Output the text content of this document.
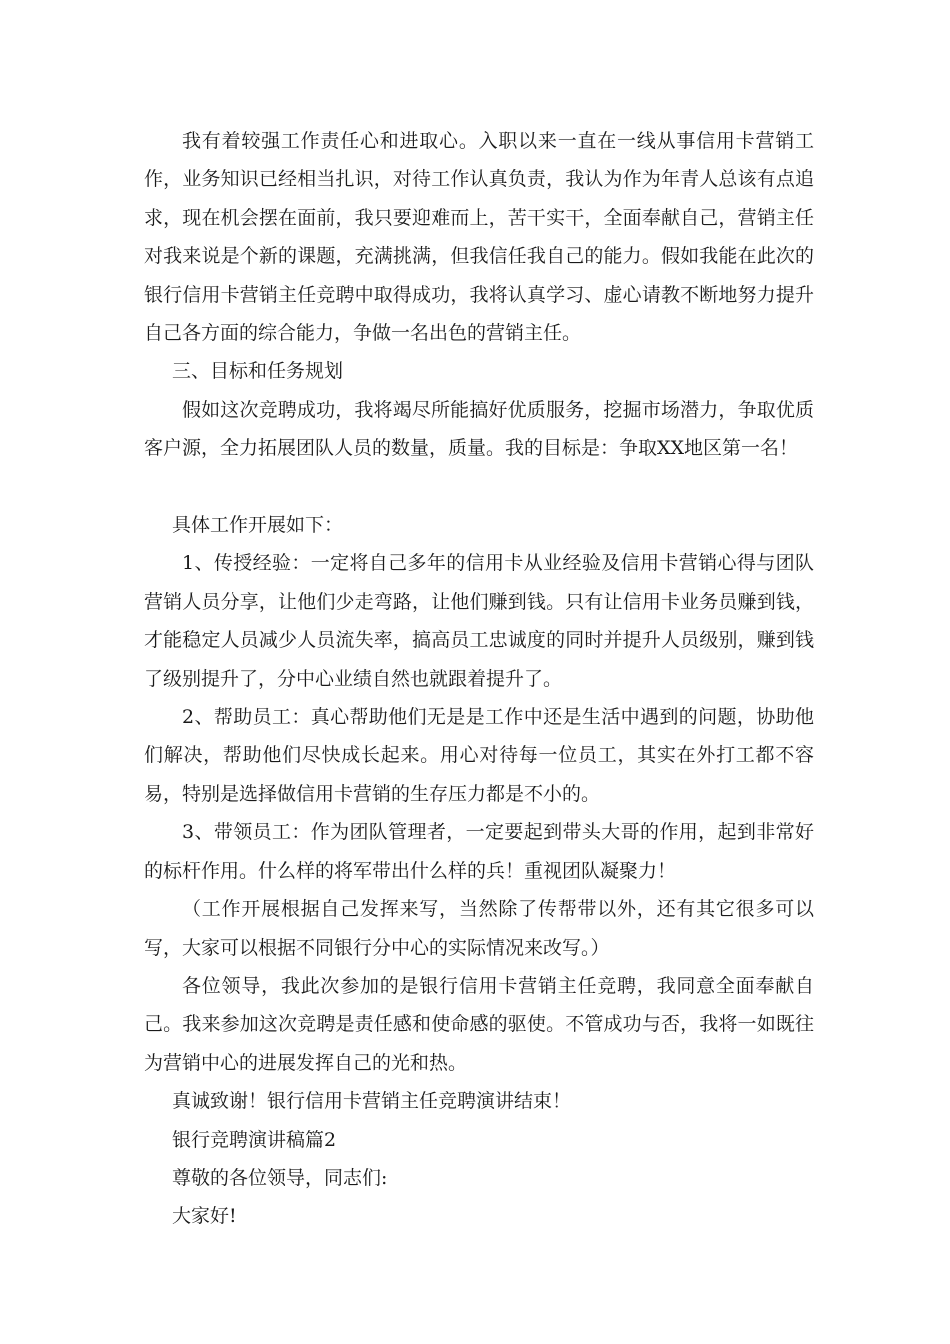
我有着较强工作责任心和进取心。入职以来一直在一线从事信用卡营销工作，业务知识已经相当扎识，对待工作认真负责，我认为作为年青人总该有点追求，现在机会摆在面前，我只要迎难而上，苦干实干，全面奉献自己，营销主任对我来说是个新的课题，充满挑满，但我信任我自己的能力。假如我能在此次的银行信用卡营销主任竞聘中取得成功，我将认真学习、虚心请教不断地努力提升自己各方面的综合能力，争做一名出色的营销主任。

三、目标和任务规划

假如这次竞聘成功，我将竭尽所能搞好优质服务，挖掘市场潜力，争取优质客户源，全力拓展团队人员的数量，质量。我的目标是：争取XX地区第一名！

具体工作开展如下：

1、传授经验：一定将自己多年的信用卡从业经验及信用卡营销心得与团队营销人员分享，让他们少走弯路，让他们赚到钱。只有让信用卡业务员赚到钱，才能稳定人员减少人员流失率，搞高员工忠诚度的同时并提升人员级别，赚到钱了级别提升了，分中心业绩自然也就跟着提升了。

2、帮助员工：真心帮助他们无是是工作中还是生活中遇到的问题，协助他们解决，帮助他们尽快成长起来。用心对待每一位员工，其实在外打工都不容易，特别是选择做信用卡营销的生存压力都是不小的。

3、带领员工：作为团队管理者，一定要起到带头大哥的作用，起到非常好的标杆作用。什么样的将军带出什么样的兵！重视团队凝聚力！

（工作开展根据自己发挥来写，当然除了传帮带以外，还有其它很多可以写，大家可以根据不同银行分中心的实际情况来改写。）

各位领导，我此次参加的是银行信用卡营销主任竞聘，我同意全面奉献自己。我来参加这次竞聘是责任感和使命感的驱使。不管成功与否，我将一如既往为营销中心的进展发挥自己的光和热。

真诚致谢！银行信用卡营销主任竞聘演讲结束！

银行竞聘演讲稿篇2

尊敬的各位领导，同志们:

大家好!
